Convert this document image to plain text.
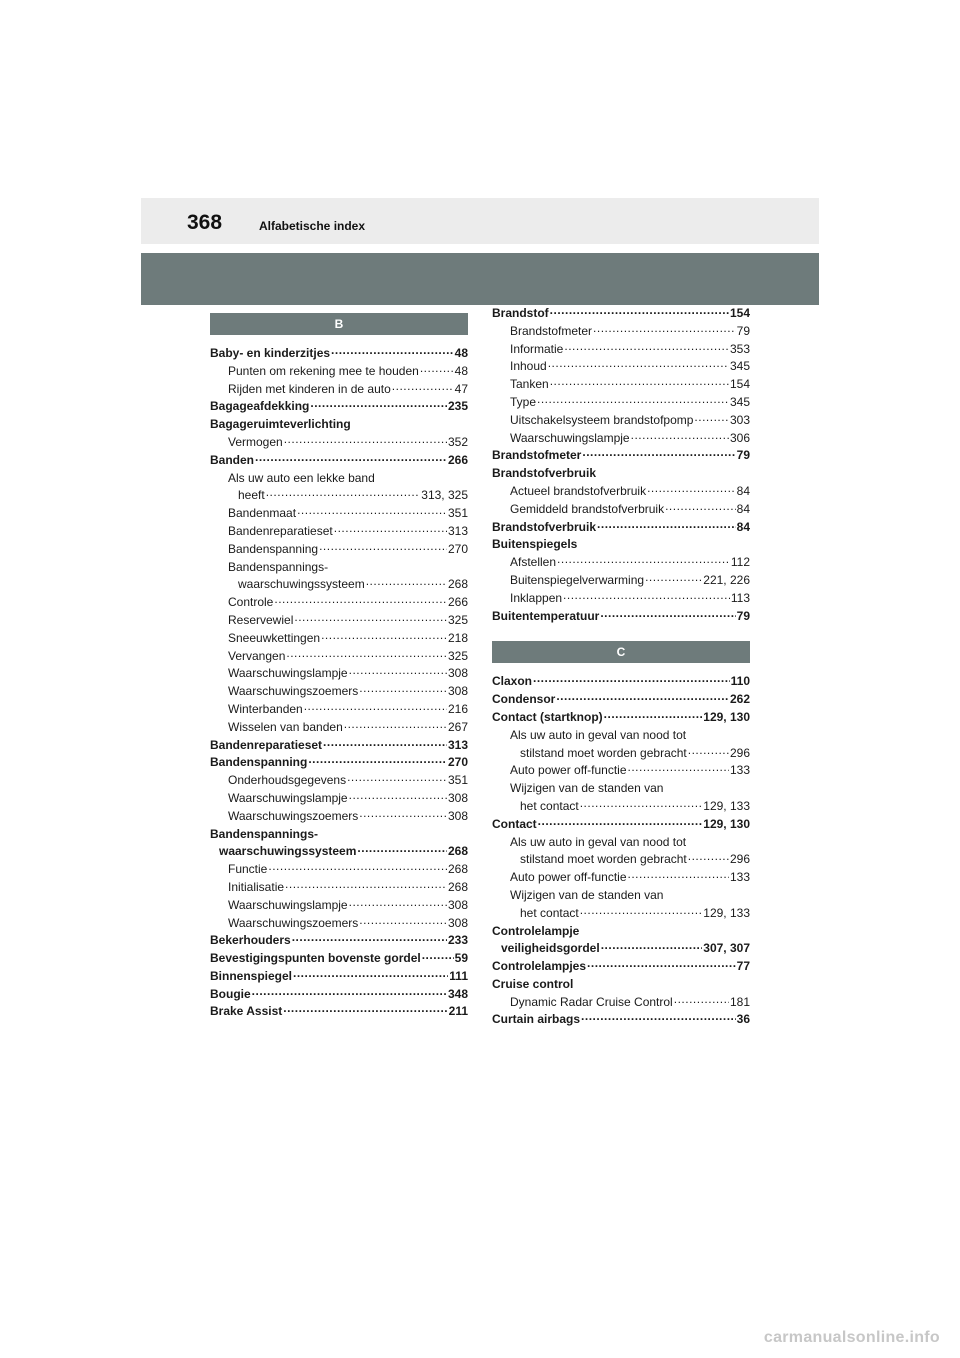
368	Alfabetische index
B
Baby- en kinderzitjes .....	48
Punten om rekening mee te houden .....	48
Rijden met kinderen in de auto .....	47
Bagageafdekking .....	235
Bagageruimteverlichting
Vermogen .....	352
Banden .....	266
Als uw auto een lekke band
heeft .....	313, 325
Bandenmaat .....	351
Bandenreparatieset .....	313
Bandenspanning .....	270
Bandenspannings-
waarschuwingssysteem .....	268
Controle .....	266
Reservewiel .....	325
Sneeuwkettingen .....	218
Vervangen .....	325
Waarschuwingslampje .....	308
Waarschuwingszoemers .....	308
Winterbanden .....	216
Wisselen van banden .....	267
Bandenreparatieset .....	313
Bandenspanning .....	270
Onderhoudsgegevens .....	351
Waarschuwingslampje .....	308
Waarschuwingszoemers .....	308
Bandenspannings-
waarschuwingssysteem .....	268
Functie .....	268
Initialisatie .....	268
Waarschuwingslampje .....	308
Waarschuwingszoemers .....	308
Bekerhouders .....	233
Bevestigingspunten bovenste gordel .....	59
Binnenspiegel .....	111
Bougie .....	348
Brake Assist .....	211
Brandstof .....	154
Brandstofmeter .....	79
Informatie .....	353
Inhoud .....	345
Tanken .....	154
Type .....	345
Uitschakelsysteem brandstofpomp .....	303
Waarschuwingslampje .....	306
Brandstofmeter .....	79
Brandstofverbruik
Actueel brandstofverbruik .....	84
Gemiddeld brandstofverbruik .....	84
Brandstofverbruik .....	84
Buitenspiegels
Afstellen .....	112
Buitenspiegelverwarming .....	221, 226
Inklappen .....	113
Buitentemperatuur .....	79
C
Claxon .....	110
Condensor .....	262
Contact (startknop) .....	129, 130
Als uw auto in geval van nood tot
stilstand moet worden gebracht .....	296
Auto power off-functie .....	133
Wijzigen van de standen van
het contact .....	129, 133
Contact .....	129, 130
Als uw auto in geval van nood tot
stilstand moet worden gebracht .....	296
Auto power off-functie .....	133
Wijzigen van de standen van
het contact .....	129, 133
Controlelampje
veiligheidsgordel .....	307, 307
Controlelampjes .....	77
Cruise control
Dynamic Radar Cruise Control .....	181
Curtain airbags .....	36
carmanualsonline.info
